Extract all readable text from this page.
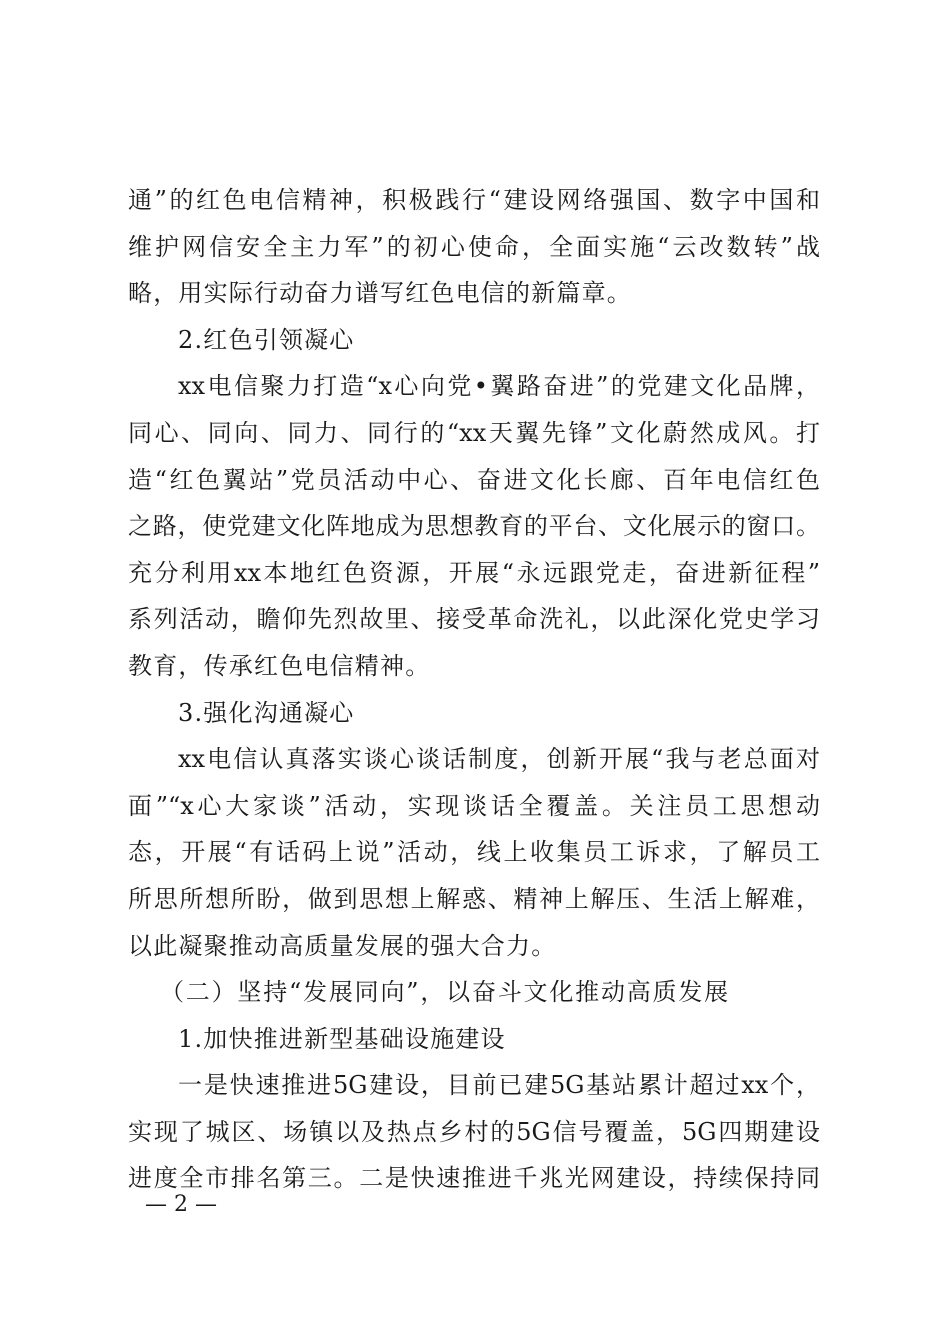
通”的红色电信精神，积极践行“建设网络强国、数字中国和
维护网信安全主力军”的初心使命，全面实施“云改数转”战
略，用实际行动奋力谱写红色电信的新篇章。
2.红色引领凝心
xx电信聚力打造“x心向党•翼路奋进”的党建文化品牌，
同心、同向、同力、同行的“xx天翼先锋”文化蔚然成风。打
造“红色翼站”党员活动中心、奋进文化长廊、百年电信红色
之路，使党建文化阵地成为思想教育的平台、文化展示的窗口。
充分利用xx本地红色资源，开展“永远跟党走，奋进新征程”
系列活动，瞻仰先烈故里、接受革命洗礼，以此深化党史学习
教育，传承红色电信精神。
3.强化沟通凝心
xx电信认真落实谈心谈话制度，创新开展“我与老总面对
面”“x心大家谈”活动，实现谈话全覆盖。关注员工思想动
态，开展“有话码上说”活动，线上收集员工诉求，了解员工
所思所想所盼，做到思想上解惑、精神上解压、生活上解难，
以此凝聚推动高质量发展的强大合力。
（二）坚持“发展同向”，以奋斗文化推动高质发展
1.加快推进新型基础设施建设
一是快速推进5G建设，目前已建5G基站累计超过xx个，
实现了城区、场镇以及热点乡村的5G信号覆盖，5G四期建设
进度全市排名第三。二是快速推进千兆光网建设，持续保持同
— 2 —
